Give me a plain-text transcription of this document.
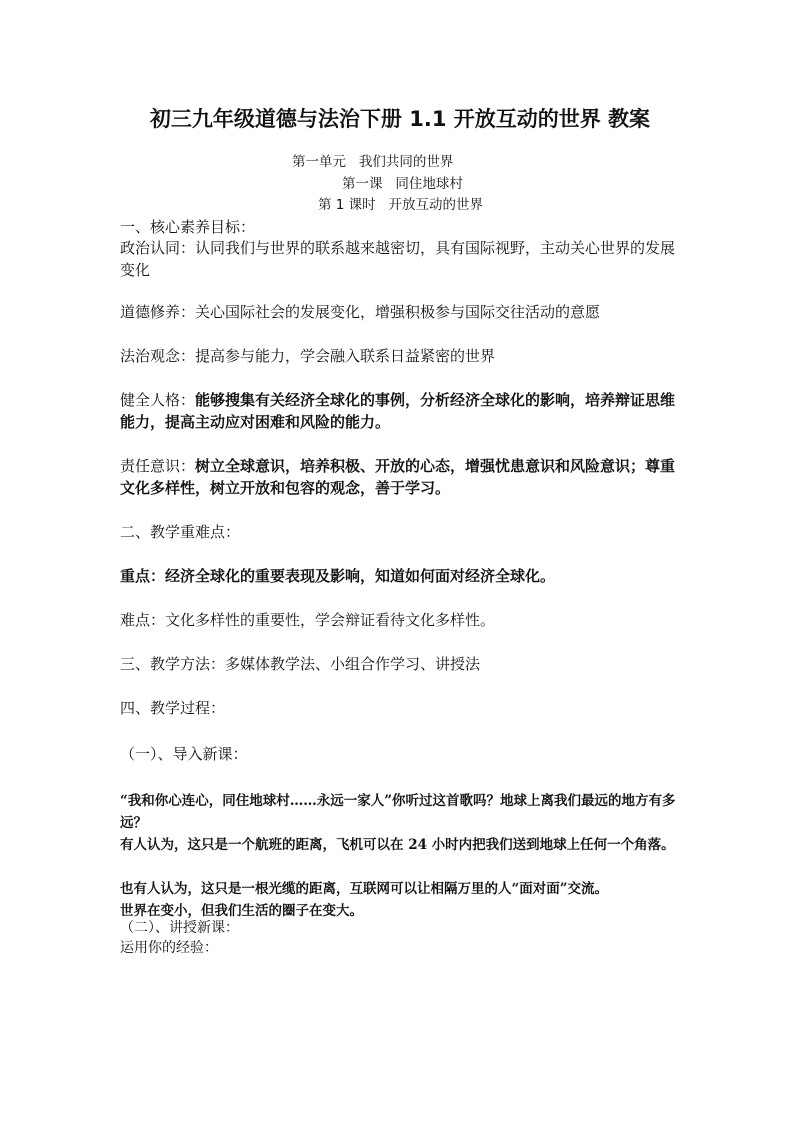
初三九年级道德与法治下册 1.1 开放互动的世界 教案
第一单元   我们共同的世界
第一课   同住地球村
第 1 课时   开放互动的世界
一、核心素养目标：
政治认同：认同我们与世界的联系越来越密切，具有国际视野，主动关心世界的发展变化
道德修养：关心国际社会的发展变化，增强积极参与国际交往活动的意愿
法治观念：提高参与能力，学会融入联系日益紧密的世界
健全人格：能够搜集有关经济全球化的事例，分析经济全球化的影响，培养辩证思维能力，提高主动应对困难和风险的能力。
责任意识：树立全球意识，培养积极、开放的心态，增强忧患意识和风险意识；尊重文化多样性，树立开放和包容的观念，善于学习。
二、教学重难点：
重点：经济全球化的重要表现及影响，知道如何面对经济全球化。
难点：文化多样性的重要性，学会辩证看待文化多样性。
三、教学方法：多媒体教学法、小组合作学习、讲授法
四、教学过程：
（一）、导入新课：
“我和你心连心，同住地球村……永远一家人”你听过这首歌吗？地球上离我们最远的地方有多远？
有人认为，这只是一个航班的距离，飞机可以在 24 小时内把我们送到地球上任何一个角落。
也有人认为，这只是一根光缆的距离，互联网可以让相隔万里的人“面对面”交流。
世界在变小，但我们生活的圈子在变大。
（二）、讲授新课：
运用你的经验：
